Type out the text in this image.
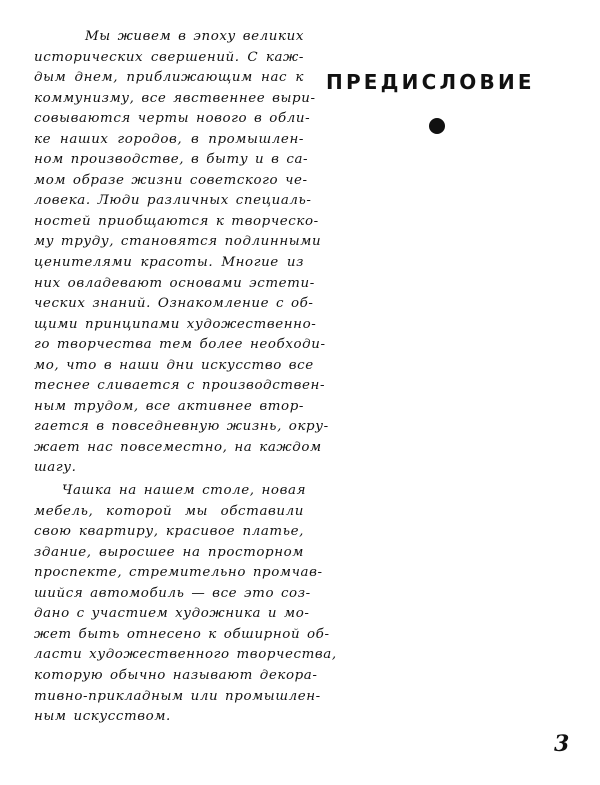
Мы живем в эпоху великих
исторических свершений. С каж-
дым днем, приближающим нас к
коммунизму, все явственнее выри-
совываются черты нового в обли-
ке наших городов, в промышлен-
ном производстве, в быту и в са-
мом образе жизни советского че-
ловека. Люди различных специаль-
ностей приобщаются к творческо-
му труду, становятся подлинными
ценителями красоты. Многие из
них овладевают основами эстети-
ческих знаний. Ознакомление с об-
щими принципами художественно-
го творчества тем более необходи-
мо, что в наши дни искусство все
теснее сливается с производствен-
ным трудом, все активнее втор-
гается в повседневную жизнь, окру-
жает нас повсеместно, на каждом
шагу.
Чашка на нашем столе, новая
мебель, которой мы обставили
свою квартиру, красивое платье,
здание, выросшее на просторном
проспекте, стремительно промчав-
шийся автомобиль — все это соз-
дано с участием художника и мо-
жет быть отнесено к обширной об-
ласти художественного творчества,
которую обычно называют декора-
тивно-прикладным или промышлен-
ным искусством.
ПРЕДИСЛОВИЕ
3
